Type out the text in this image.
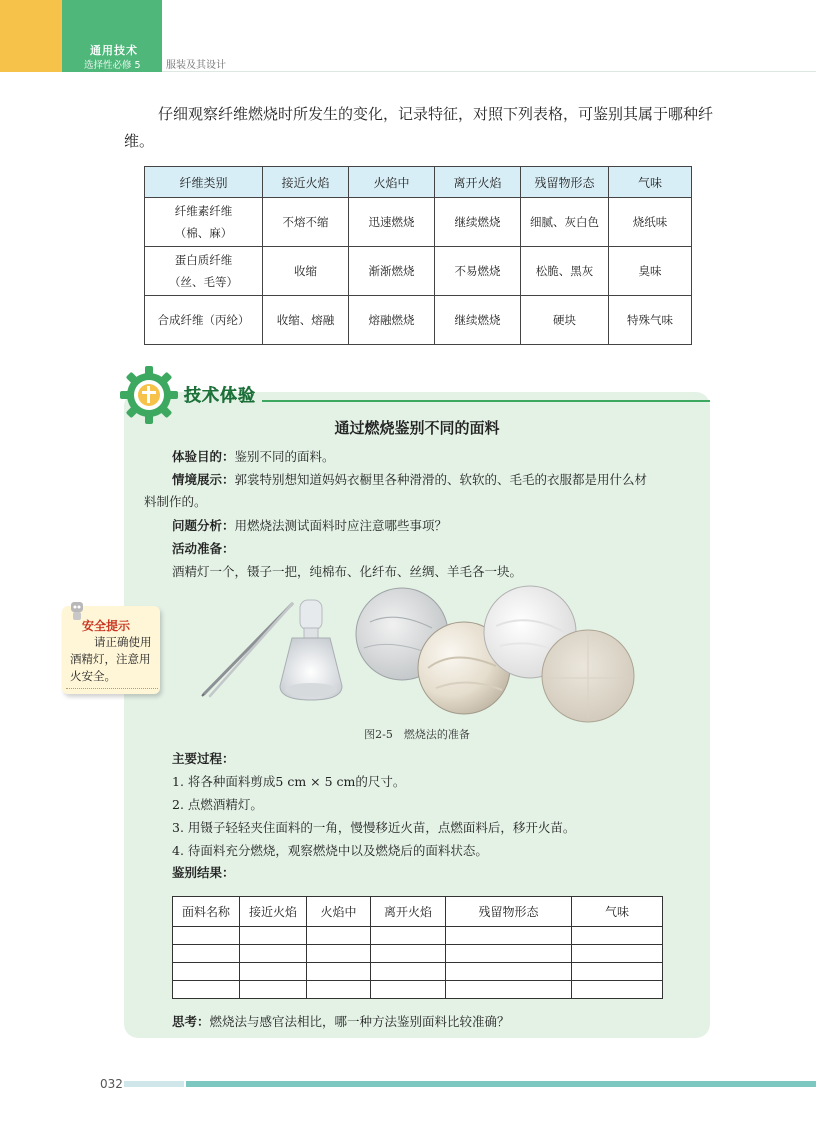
通用技术
选择性必修 5	服装及其设计
仔细观察纤维燃烧时所发生的变化，记录特征，对照下列表格，可鉴别其属于哪种纤维。
纤维类别	接近火焰	火焰中	离开火焰	残留物形态	气味

纤维素纤维
（棉、麻）	不熔不缩	迅速燃烧	继续燃烧	细腻、灰白色	烧纸味

蛋白质纤维
（丝、毛等）	收缩	渐渐燃烧	不易燃烧	松脆、黑灰	臭味

合成纤维（丙纶）	收缩、熔融	熔融燃烧	继续燃烧	硬块	特殊气味
技术体验
通过燃烧鉴别不同的面料
体验目的：鉴别不同的面料。
情境展示：郭裳特别想知道妈妈衣橱里各种滑滑的、软软的、毛毛的衣服都是用什么材
料制作的。
问题分析：用燃烧法测试面料时应注意哪些事项？
活动准备：
酒精灯一个，镊子一把，纯棉布、化纤布、丝绸、羊毛各一块。
安全提示
请正确使用酒精灯，注意用火安全。
图2-5　燃烧法的准备
主要过程：
1. 将各种面料剪成5 cm × 5 cm的尺寸。
2. 点燃酒精灯。
3. 用镊子轻轻夹住面料的一角，慢慢移近火苗，点燃面料后，移开火苗。
4. 待面料充分燃烧，观察燃烧中以及燃烧后的面料状态。
鉴别结果：
面料名称	接近火焰	火焰中	离开火焰	残留物形态	气味

思考：燃烧法与感官法相比，哪一种方法鉴别面料比较准确？
032
